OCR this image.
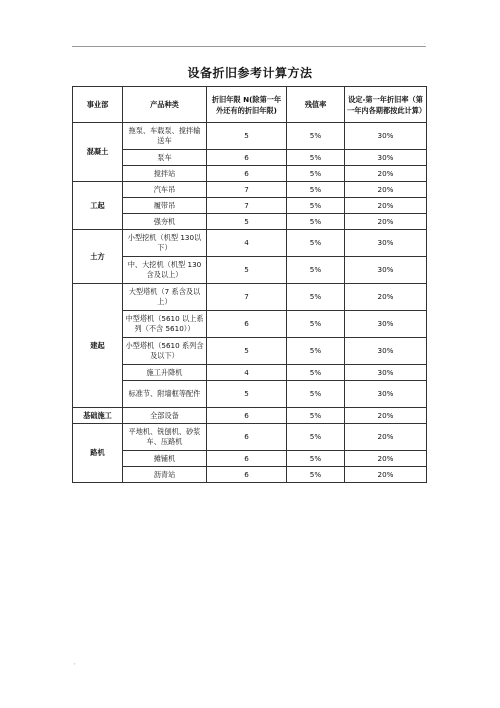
.
设备折旧参考计算方法
事业部	产品种类	折旧年限 N(除第一年外还有的折旧年限)	残值率	设定-第一年折旧率（第一年内各期都按此计算）
混凝土	拖泵、车载泵、搅拌输送车	5	5%	30%
	泵车	6	5%	30%
	搅拌站	6	5%	20%
工起	汽车吊	7	5%	20%
	履带吊	7	5%	20%
	强夯机	5	5%	20%
土方	小型挖机（机型 130以下）	4	5%	30%
	中、大挖机（机型 130 含及以上）	5	5%	30%
建起	大型塔机（7 系含及以上）	7	5%	20%
	中型塔机（5610 以上系列（不含 5610））	6	5%	30%
	小型塔机（5610 系列含及以下）	5	5%	30%
	施工升降机	4	5%	30%
	标准节、附墙框等配件	5	5%	30%
基础施工	全部设备	6	5%	20%
路机	平地机、铣刨机、砂浆车、压路机	6	5%	20%
	摊铺机	6	5%	20%
	沥青站	6	5%	20%
,
